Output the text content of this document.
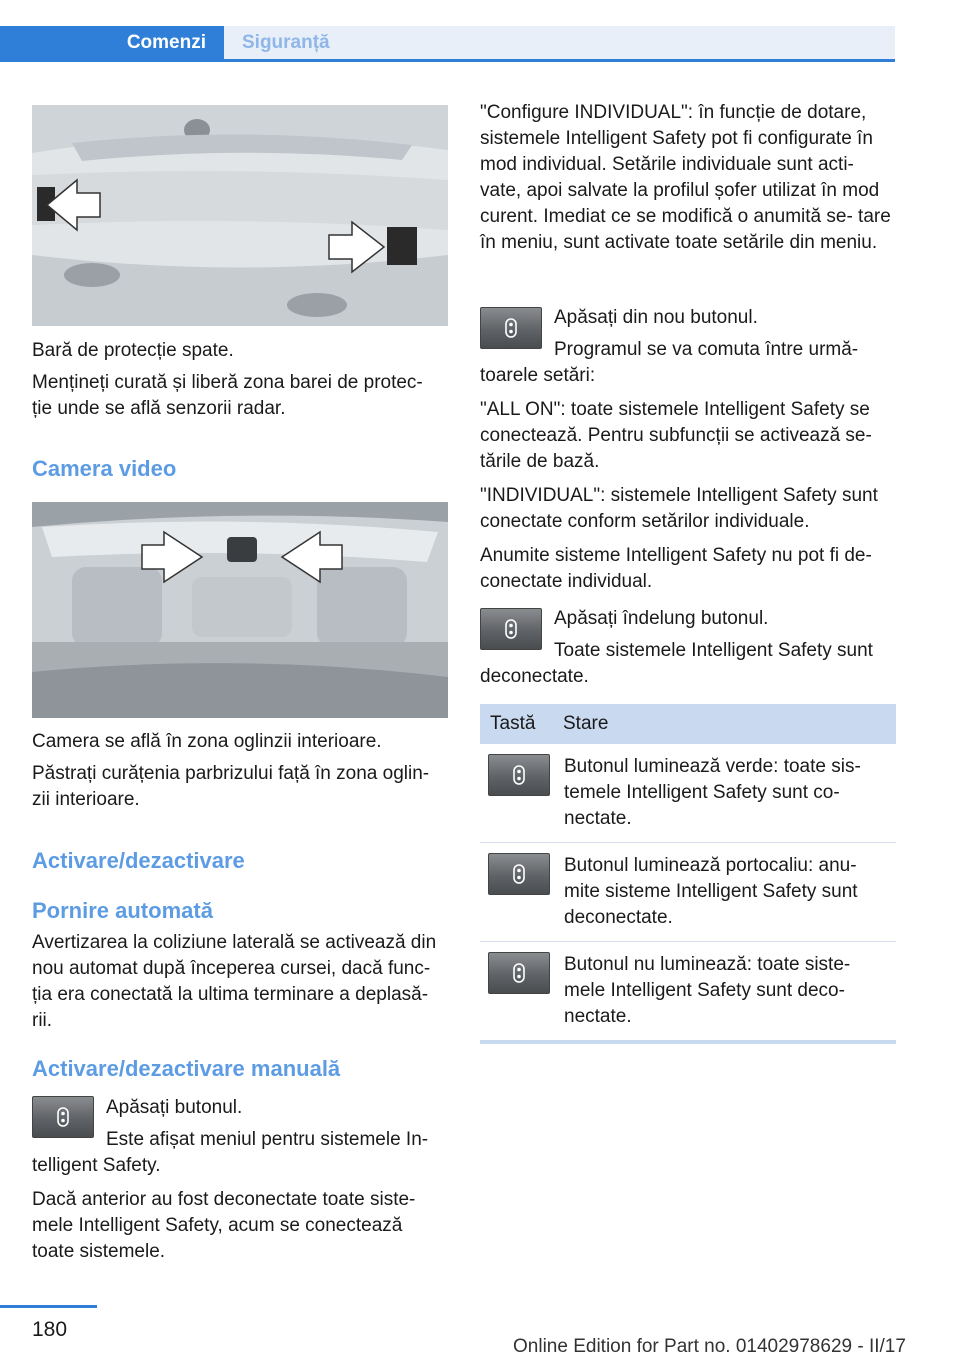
Comenzi	Siguranță

Bară de protecție spate.

Mențineți curată și liberă zona barei de protec‐ ție unde se află senzorii radar.

Camera video

Camera se află în zona oglinzii interioare.

Păstrați curățenia parbrizului față în zona oglin‐ zii interioare.

Activare/dezactivare
Pornire automată
Avertizarea la coliziune laterală se activează din nou automat după începerea cursei, dacă func‐ ția era conectată la ultima terminare a deplasă‐ rii.
Activare/dezactivare manuală

Apăsați butonul.

Este afișat meniul pentru sistemele In‐ telligent Safety.

Dacă anterior au fost deconectate toate siste‐ mele Intelligent Safety, acum se conectează toate sistemele.

"Configure INDIVIDUAL": în funcție de dotare, sistemele Intelligent Safety pot fi configurate în mod individual. Setările individuale sunt acti‐ vate, apoi salvate la profilul șofer utilizat în mod curent. Imediat ce se modifică o anumită se‐ tare în meniu, sunt activate toate setările din meniu.

Apăsați din nou butonul.

Programul se va comuta între urmă‐ toarele setări:

"ALL ON": toate sistemele Intelligent Safety se conectează. Pentru subfuncții se activează se‐ tările de bază.

"INDIVIDUAL": sistemele Intelligent Safety sunt conectate conform setărilor individuale.

Anumite sisteme Intelligent Safety nu pot fi de‐ conectate individual.

Apăsați îndelung butonul.

Toate sistemele Intelligent Safety sunt deconectate.

Tastă	Stare
Butonul luminează verde: toate sis‐ temele Intelligent Safety sunt co‐ nectate.
Butonul luminează portocaliu: anu‐ mite sisteme Intelligent Safety sunt deconectate.
Butonul nu luminează: toate siste‐ mele Intelligent Safety sunt deco‐ nectate.
180
Online Edition for Part no. 01402978629 - II/17
